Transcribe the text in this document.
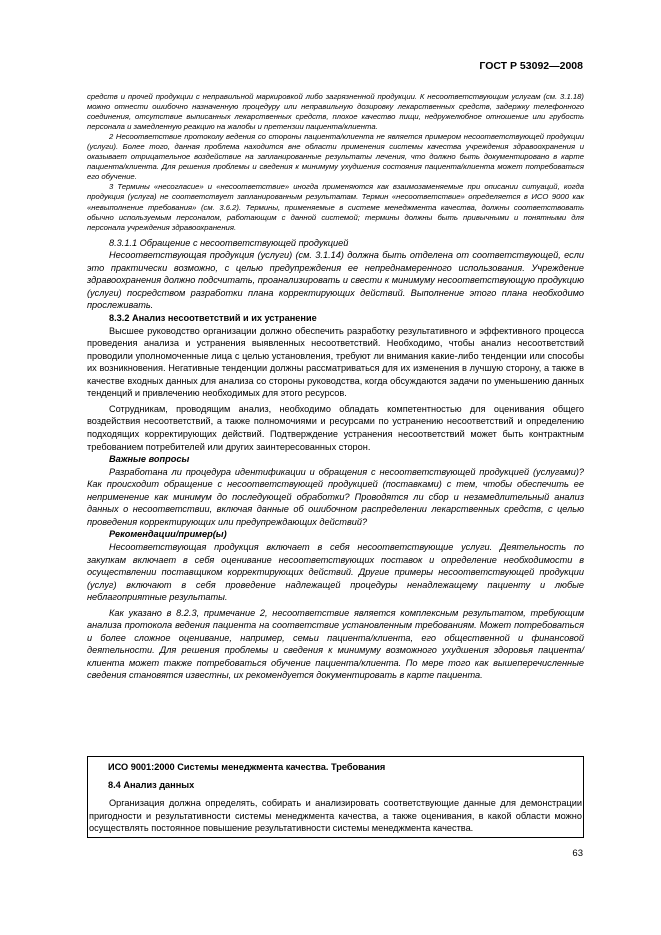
ГОСТ Р 53092—2008

средств и прочей продукции с неправильной маркировкой либо загрязненной продукции. К несоответствующим услугам (см. 3.1.18) можно отнести ошибочно назначенную процедуру или неправильную дозировку лекарственных средств, задержку телефонного соединения, отсутствие выписанных лекарственных средств, плохое качество пищи, недружелюбное отношение или грубость персонала и замедленную реакцию на жалобы и претензии пациента/клиента.

2 Несоответствие протоколу ведения со стороны пациента/клиента не является примером несоответствующей продукции (услуги). Более того, данная проблема находится вне области применения системы качества учреждения здравоохранения и оказывает отрицательное воздействие на запланированные результаты лечения, что должно быть документировано в карте пациента/клиента. Для решения проблемы и сведения к минимуму ухудшения состояния пациента/клиента может потребоваться его обучение.

3 Термины «несогласие» и «несоответствие» иногда применяются как взаимозаменяемые при описании ситуаций, когда продукция (услуга) не соответствует запланированным результатам. Термин «несоответствие» определяется в ИСО 9000 как «невыполнение требования» (см. 3.6.2). Термины, применяемые в системе менеджмента качества, должны соответствовать обычно используемым персоналом, работающим с данной системой; термины должны быть привычными и понятными для персонала учреждения здравоохранения.

8.3.1.1 Обращение с несоответствующей продукцией

Несоответствующая продукция (услуги) (см. 3.1.14) должна быть отделена от соответствующей, если это практически возможно, с целью предупреждения ее непреднамеренного использования. Учреждение здравоохранения должно подсчитать, проанализировать и свести к минимуму несоответствующую продукцию (услуги) посредством разработки плана корректирующих действий. Выполнение этого плана необходимо прослеживать.

8.3.2 Анализ несоответствий и их устранение

Высшее руководство организации должно обеспечить разработку результативного и эффективного процесса проведения анализа и устранения выявленных несоответствий. Необходимо, чтобы анализ несоответствий проводили уполномоченные лица с целью установления, требуют ли внимания какие-либо тенденции или способы их возникновения. Негативные тенденции должны рассматриваться для их изменения в лучшую сторону, а также в качестве входных данных для анализа со стороны руководства, когда обсуждаются задачи по уменьшению данных тенденций и привлечению необходимых для этого ресурсов.

Сотрудникам, проводящим анализ, необходимо обладать компетентностью для оценивания общего воздействия несоответствий, а также полномочиями и ресурсами по устранению несоответствий и определению подходящих корректирующих действий. Подтверждение устранения несоответствий может быть контрактным требованием потребителей или других заинтересованных сторон.

Важные вопросы

Разработана ли процедура идентификации и обращения с несоответствующей продукцией (услугами)? Как происходит обращение с несоответствующей продукцией (поставками) с тем, чтобы обеспечить ее неприменение как минимум до последующей обработки? Проводятся ли сбор и незамедлительный анализ данных о несоответствии, включая данные об ошибочном распределении лекарственных средств, с целью проведения корректирующих или предупреждающих действий?

Рекомендации/пример(ы)

Несоответствующая продукция включает в себя несоответствующие услуги. Деятельность по закупкам включает в себя оценивание несоответствующих поставок и определение необходимости в осуществлении поставщиком корректирующих действий. Другие примеры несоответствующей продукции (услуг) включают в себя проведение надлежащей процедуры ненадлежащему пациенту и любые неблагоприятные результаты.

Как указано в 8.2.3, примечание 2, несоответствие является комплексным результатом, требующим анализа протокола ведения пациента на соответствие установленным требованиям. Может потребоваться и более сложное оценивание, например, семьи пациента/клиента, его общественной и финансовой деятельности. Для решения проблемы и сведения к минимуму возможного ухудшения здоровья пациента/клиента может также потребоваться обучение пациента/клиента. По мере того как вышеперечисленные сведения становятся известны, их рекомендуется документировать в карте пациента.

ИСО 9001:2000 Системы менеджмента качества. Требования
8.4 Анализ данных

Организация должна определять, собирать и анализировать соответствующие данные для демонстрации пригодности и результативности системы менеджмента качества, а также оценивания, в какой области можно осуществлять постоянное повышение результативности системы менеджмента качества.

63
